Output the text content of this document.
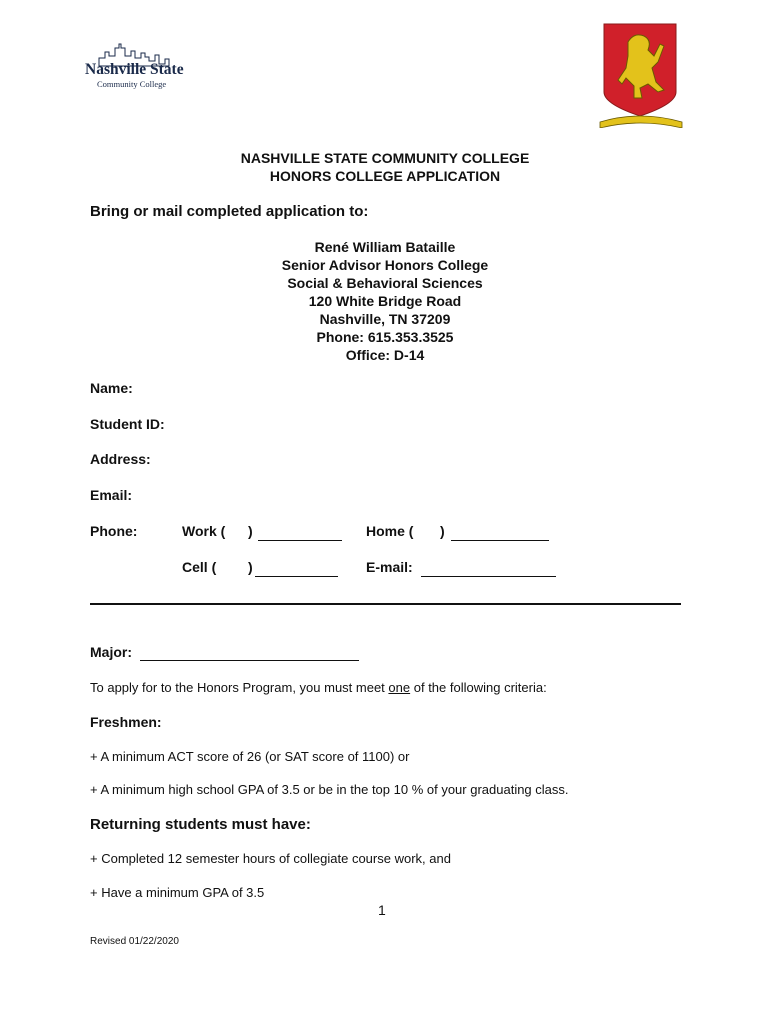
Nashville State
Community College
NASHVILLE STATE COMMUNITY COLLEGE
HONORS COLLEGE APPLICATION
Bring or mail completed application to:
René William Bataille
Senior Advisor Honors College
Social & Behavioral Sciences
120 White Bridge Road
Nashville, TN 37209
Phone: 615.353.3525
Office: D-14
Name:
Student ID:
Address:
Email:
Phone:	Work ( )	Home ( )
Cell ( )	E-mail:
Major:
To apply for to the Honors Program, you must meet one of the following criteria:
Freshmen:
+ A minimum ACT score of 26 (or SAT score of 1100) or
+ A minimum high school GPA of 3.5 or be in the top 10 % of your graduating class.
Returning students must have:
+ Completed 12 semester hours of collegiate course work, and
+ Have a minimum GPA of 3.5
1
Revised 01/22/2020
